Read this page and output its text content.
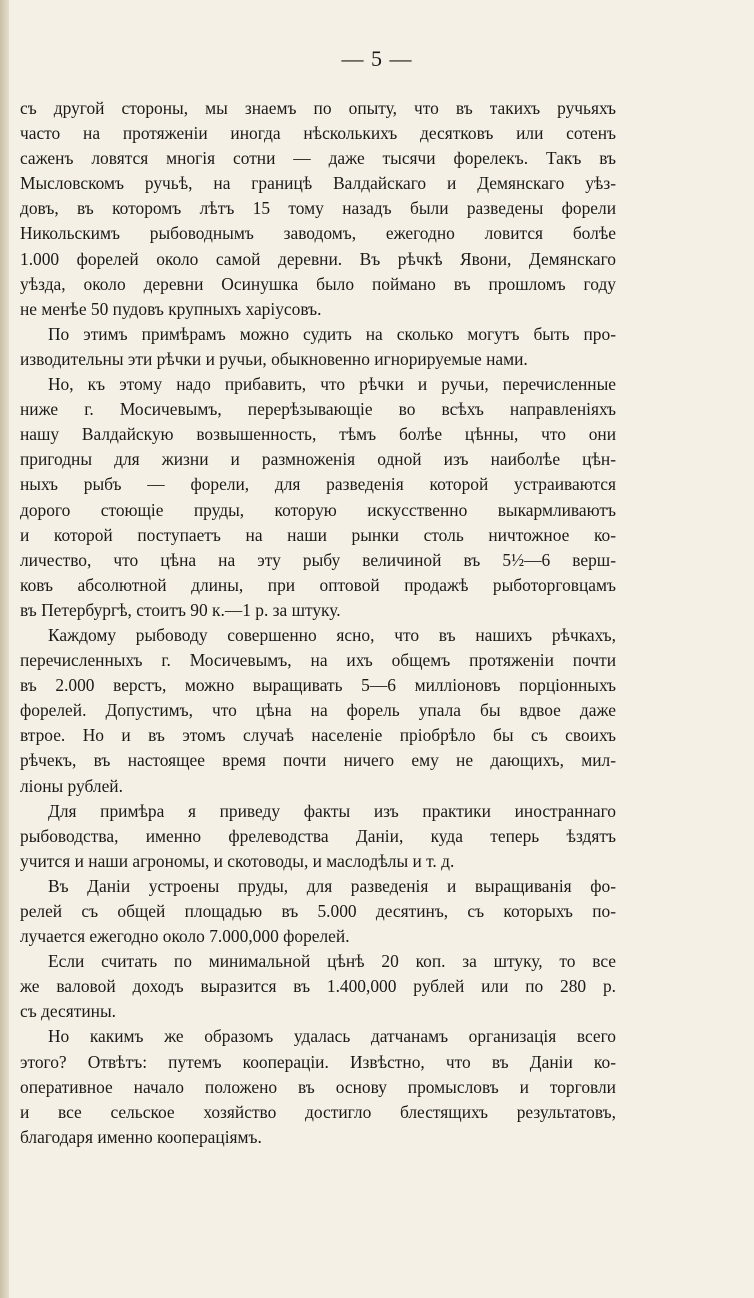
— 5 —

съ другой стороны, мы знаемъ по опыту, что въ такихъ ручьяхъ
часто на протяженіи иногда нѣсколькихъ десятковъ или сотенъ
саженъ ловятся многія сотни — даже тысячи форелекъ. Такъ въ
Мысловскомъ ручьѣ, на границѣ Валдайскаго и Демянскаго уѣз-
довъ, въ которомъ лѣтъ 15 тому назадъ были разведены форели
Никольскимъ рыбоводнымъ заводомъ, ежегодно ловится болѣе
1.000 форелей около самой деревни. Въ рѣчкѣ Явони, Демянскаго
уѣзда, около деревни Осинушка было поймано въ прошломъ году
не менѣе 50 пудовъ крупныхъ харіусовъ.

По этимъ примѣрамъ можно судить на сколько могутъ быть про-
изводительны эти рѣчки и ручьи, обыкновенно игнорируемые нами.

Но, къ этому надо прибавить, что рѣчки и ручьи, перечисленные
ниже г. Мосичевымъ, перерѣзывающіе во всѣхъ направленіяхъ
нашу Валдайскую возвышенность, тѣмъ болѣе цѣнны, что они
пригодны для жизни и размноженія одной изъ наиболѣе цѣн-
ныхъ рыбъ — форели, для разведенія которой устраиваются
дорого стоющіе пруды, которую искусственно выкармливаютъ
и которой поступаетъ на наши рынки столь ничтожное ко-
личество, что цѣна на эту рыбу величиной въ 5½—6 верш-
ковъ абсолютной длины, при оптовой продажѣ рыботорговцамъ
въ Петербургѣ, стоитъ 90 к.—1 р. за штуку.

Каждому рыбоводу совершенно ясно, что въ нашихъ рѣчкахъ,
перечисленныхъ г. Мосичевымъ, на ихъ общемъ протяженіи почти
въ 2.000 верстъ, можно выращивать 5—6 милліоновъ порціонныхъ
форелей. Допустимъ, что цѣна на форель упала бы вдвое даже
втрое. Но и въ этомъ случаѣ населеніе пріобрѣло бы съ своихъ
рѣчекъ, въ настоящее время почти ничего ему не дающихъ, мил-
ліоны рублей.

Для примѣра я приведу факты изъ практики иностраннаго
рыбоводства, именно фрелеводства Даніи, куда теперь ѣздятъ
учится и наши агрономы, и скотоводы, и маслодѣлы и т. д.

Въ Даніи устроены пруды, для разведенія и выращиванія фо-
релей съ общей площадью въ 5.000 десятинъ, съ которыхъ по-
лучается ежегодно около 7.000,000 форелей.

Если считать по минимальной цѣнѣ 20 коп. за штуку, то все
же валовой доходъ выразится въ 1.400,000 рублей или по 280 р.
съ десятины.

Но какимъ же образомъ удалась датчанамъ организація всего
этого? Отвѣтъ: путемъ коопераціи. Извѣстно, что въ Даніи ко-
оперативное начало положено въ основу промысловъ и торговли
и все сельское хозяйство достигло блестящихъ результатовъ,
благодаря именно коопераціямъ.
